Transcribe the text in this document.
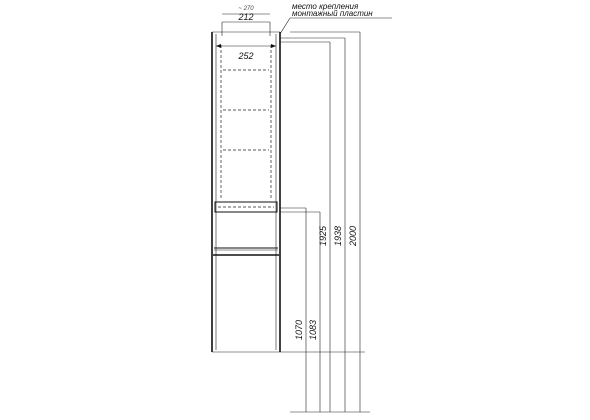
~ 270
212
252
место крепления
монтажный пластин
1070 1083
1925 1938 2000
